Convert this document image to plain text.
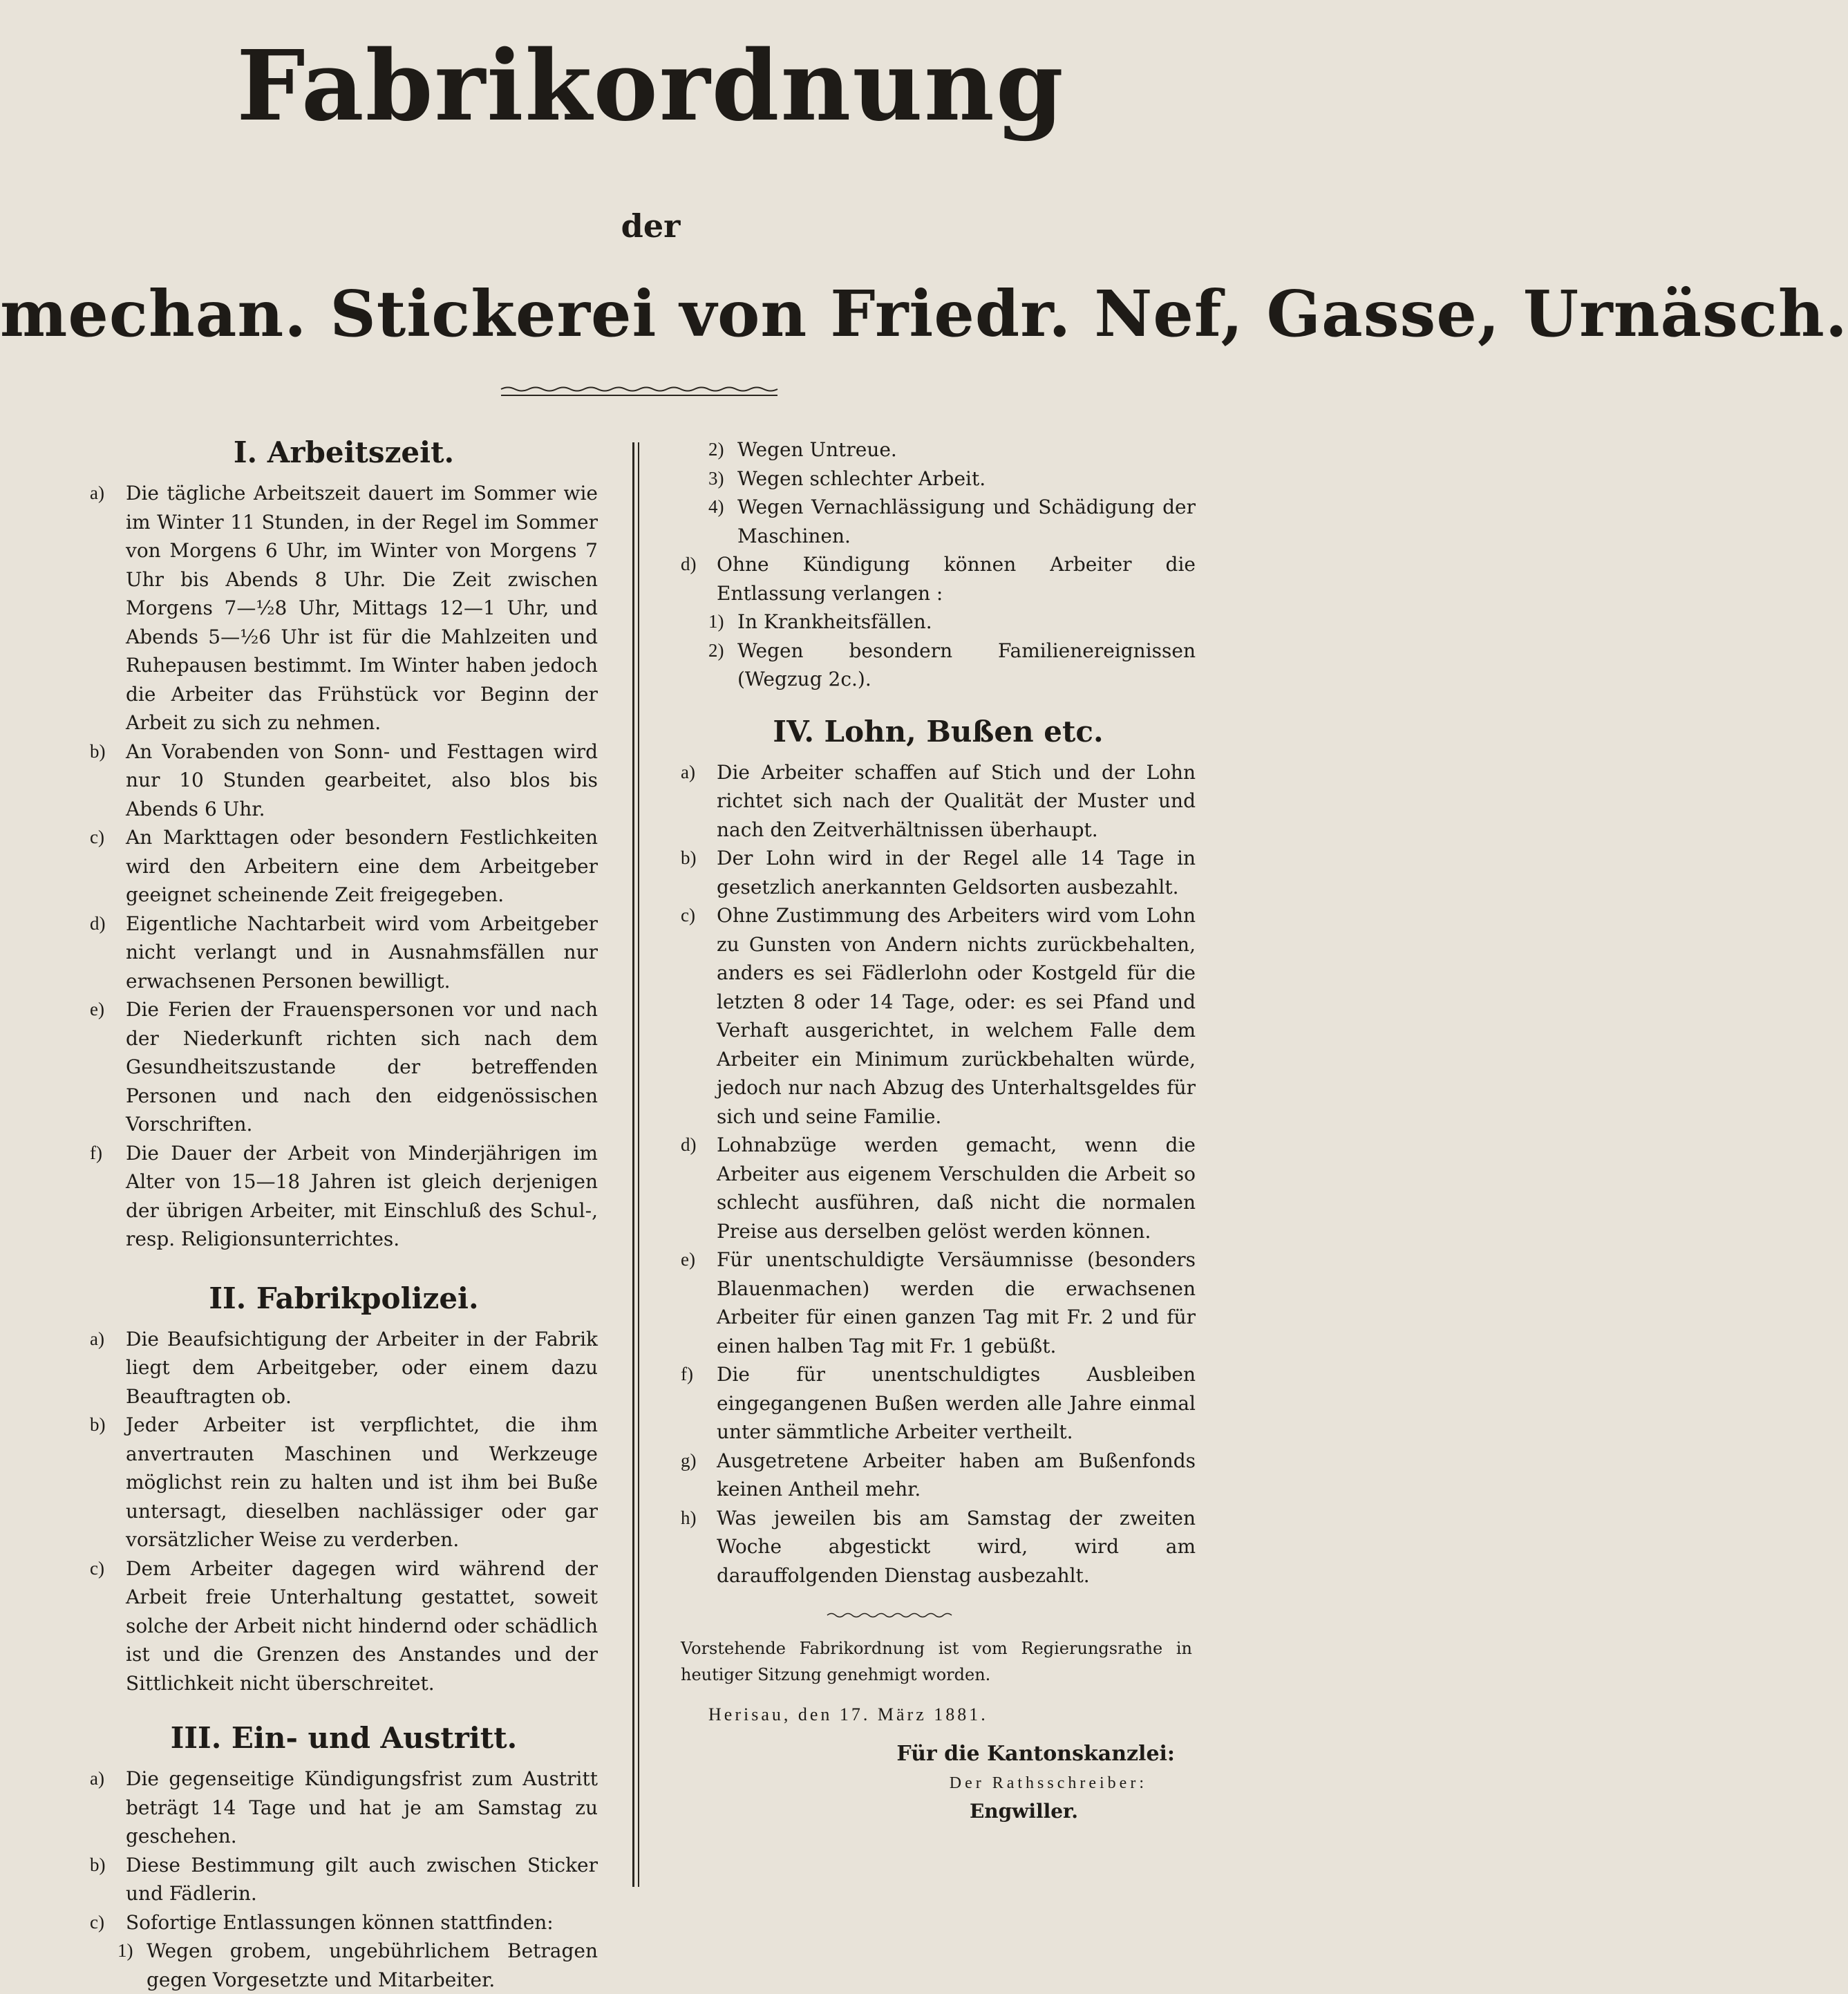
Fabrikordnung
der
mechan. Stickerei von Friedr. Nef, Gasse, Urnäsch.
I. Arbeitszeit.
a)	Die tägliche Arbeitszeit dauert im Sommer wie im Winter 11 Stunden, in der Regel im Sommer von Morgens 6 Uhr, im Winter von Morgens 7 Uhr bis Abends 8 Uhr. Die Zeit zwischen Morgens 7—½8 Uhr, Mittags 12—1 Uhr, und Abends 5—½6 Uhr ist für die Mahlzeiten und Ruhepausen bestimmt. Im Winter haben jedoch die Arbeiter das Frühstück vor Beginn der Arbeit zu sich zu nehmen.
b)	An Vorabenden von Sonn- und Festtagen wird nur 10 Stunden gearbeitet, also blos bis Abends 6 Uhr.
c)	An Markttagen oder besondern Festlichkeiten wird den Arbeitern eine dem Arbeitgeber geeignet scheinende Zeit freigegeben.
d)	Eigentliche Nachtarbeit wird vom Arbeitgeber nicht verlangt und in Ausnahmsfällen nur erwachsenen Personen bewilligt.
e)	Die Ferien der Frauenspersonen vor und nach der Niederkunft richten sich nach dem Gesundheitszustande der betreffenden Personen und nach den eidgenössischen Vorschriften.
f)	Die Dauer der Arbeit von Minderjährigen im Alter von 15—18 Jahren ist gleich derjenigen der übrigen Arbeiter, mit Einschluß des Schul-, resp. Religionsunterrichtes.
II. Fabrikpolizei.
a)	Die Beaufsichtigung der Arbeiter in der Fabrik liegt dem Arbeitgeber, oder einem dazu Beauftragten ob.
b)	Jeder Arbeiter ist verpflichtet, die ihm anvertrauten Maschinen und Werkzeuge möglichst rein zu halten und ist ihm bei Buße untersagt, dieselben nachlässiger oder gar vorsätzlicher Weise zu verderben.
c)	Dem Arbeiter dagegen wird während der Arbeit freie Unterhaltung gestattet, soweit solche der Arbeit nicht hindernd oder schädlich ist und die Grenzen des Anstandes und der Sittlichkeit nicht überschreitet.
III. Ein- und Austritt.
a)	Die gegenseitige Kündigungsfrist zum Austritt beträgt 14 Tage und hat je am Samstag zu geschehen.
b)	Diese Bestimmung gilt auch zwischen Sticker und Fädlerin.
c)	Sofortige Entlassungen können stattfinden:
1) Wegen grobem, ungebührlichem Betragen gegen Vorgesetzte und Mitarbeiter.
2) Wegen Untreue.
3) Wegen schlechter Arbeit.
4) Wegen Vernachlässigung und Schädigung der Maschinen.
d)	Ohne Kündigung können Arbeiter die Entlassung verlangen :
1) In Krankheitsfällen.
2) Wegen besondern Familienereignissen (Wegzug 2c.).
IV. Lohn, Bußen etc.
a)	Die Arbeiter schaffen auf Stich und der Lohn richtet sich nach der Qualität der Muster und nach den Zeitverhältnissen überhaupt.
b)	Der Lohn wird in der Regel alle 14 Tage in gesetzlich anerkannten Geldsorten ausbezahlt.
c)	Ohne Zustimmung des Arbeiters wird vom Lohn zu Gunsten von Andern nichts zurückbehalten, anders es sei Fädlerlohn oder Kostgeld für die letzten 8 oder 14 Tage, oder: es sei Pfand und Verhaft ausgerichtet, in welchem Falle dem Arbeiter ein Minimum zurückbehalten würde, jedoch nur nach Abzug des Unterhaltsgeldes für sich und seine Familie.
d)	Lohnabzüge werden gemacht, wenn die Arbeiter aus eigenem Verschulden die Arbeit so schlecht ausführen, daß nicht die normalen Preise aus derselben gelöst werden können.
e)	Für unentschuldigte Versäumnisse (besonders Blauenmachen) werden die erwachsenen Arbeiter für einen ganzen Tag mit Fr. 2 und für einen halben Tag mit Fr. 1 gebüßt.
f)	Die für unentschuldigtes Ausbleiben eingegangenen Bußen werden alle Jahre einmal unter sämmtliche Arbeiter vertheilt.
g)	Ausgetretene Arbeiter haben am Bußenfonds keinen Antheil mehr.
h)	Was jeweilen bis am Samstag der zweiten Woche abgestickt wird, wird am darauffolgenden Dienstag ausbezahlt.
Vorstehende Fabrikordnung ist vom Regierungsrathe in heutiger Sitzung genehmigt worden.
Herisau, den 17. März 1881.
Für die Kantonskanzlei:
Der Rathsschreiber:
Engwiller.
